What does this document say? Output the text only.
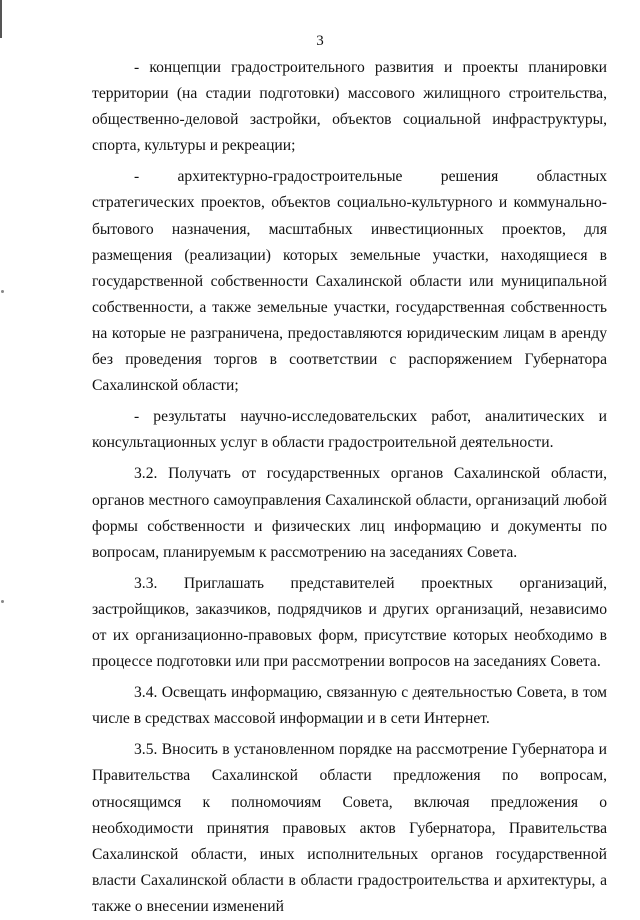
3

- концепции градостроительного развития и проекты планировки территории (на стадии подготовки) массового жилищного строительства, общественно-деловой застройки, объектов социальной инфраструктуры, спорта, культуры и рекреации;

- архитектурно-градостроительные решения областных стратегических проектов, объектов социально-культурного и коммунально-бытового назначения, масштабных инвестиционных проектов, для размещения (реализации) которых земельные участки, находящиеся в государственной собственности Сахалинской области или муниципальной собственности, а также земельные участки, государственная собственность на которые не разграничена, предоставляются юридическим лицам в аренду без проведения торгов в соответствии с распоряжением Губернатора Сахалинской области;

- результаты научно-исследовательских работ, аналитических и консультационных услуг в области градостроительной деятельности.

3.2. Получать от государственных органов Сахалинской области, органов местного самоуправления Сахалинской области, организаций любой формы собственности и физических лиц информацию и документы по вопросам, планируемым к рассмотрению на заседаниях Совета.

3.3. Приглашать представителей проектных организаций, застройщиков, заказчиков, подрядчиков и других организаций, независимо от их организационно-правовых форм, присутствие которых необходимо в процессе подготовки или при рассмотрении вопросов на заседаниях Совета.

3.4. Освещать информацию, связанную с деятельностью Совета, в том числе в средствах массовой информации и в сети Интернет.

3.5. Вносить в установленном порядке на рассмотрение Губернатора и Правительства Сахалинской области предложения по вопросам, относящимся к полномочиям Совета, включая предложения о необходимости принятия правовых актов Губернатора, Правительства Сахалинской области, иных исполнительных органов государственной власти Сахалинской области в области градостроительства и архитектуры, а также о внесении изменений
